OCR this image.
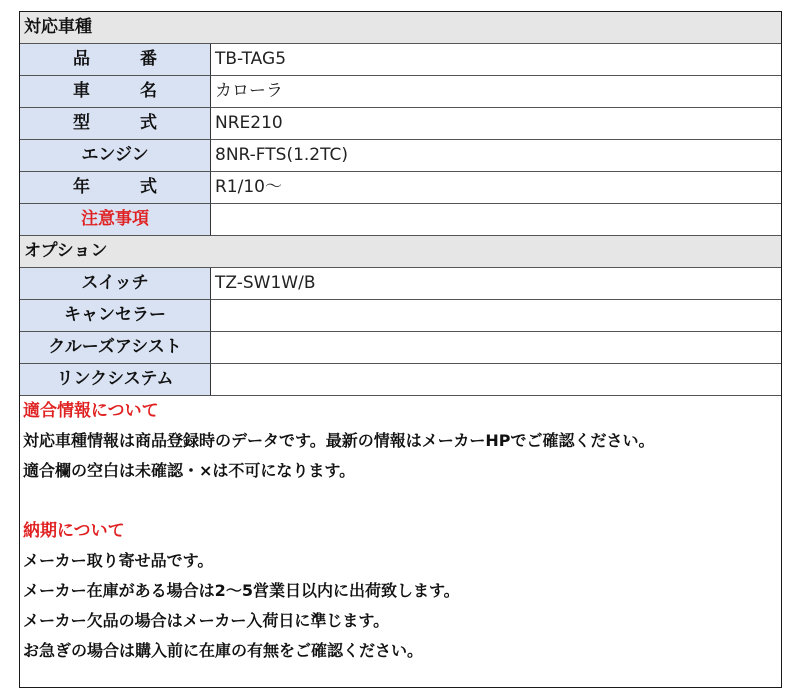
対応車種
品 番	TB-TAG5
車 名	カローラ
型 式	NRE210
エンジン	8NR-FTS(1.2TC)
年 式	R1/10〜
注意事項
オプション
スイッチ	TZ-SW1W/B
キャンセラー
クルーズアシスト
リンクシステム
適合情報について
対応車種情報は商品登録時のデータです。最新の情報はメーカーHPでご確認ください。
適合欄の空白は未確認・×は不可になります。
納期について
メーカー取り寄せ品です。
メーカー在庫がある場合は2〜5営業日以内に出荷致します。
メーカー欠品の場合はメーカー入荷日に準じます。
お急ぎの場合は購入前に在庫の有無をご確認ください。
